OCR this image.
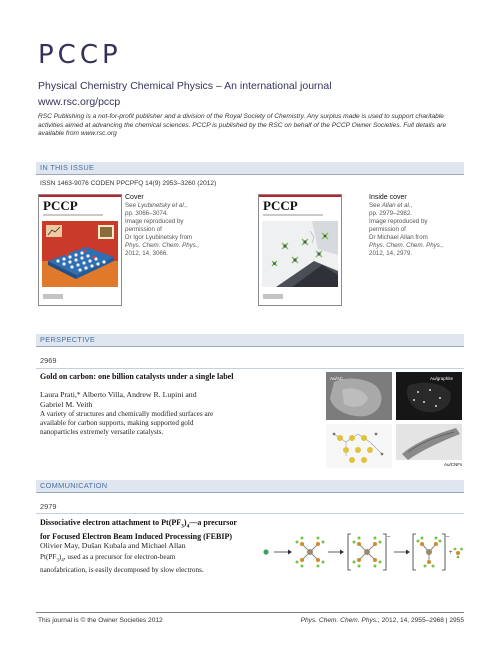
PCCP
Physical Chemistry Chemical Physics – An international journal
www.rsc.org/pccp
RSC Publishing is a not-for-profit publisher and a division of the Royal Society of Chemistry. Any surplus made is used to support charitable activities aimed at advancing the chemical sciences. PCCP is published by the RSC on behalf of the PCCP Owner Societies. Full details are available from www.rsc.org
IN THIS ISSUE
ISSN 1463-9076 CODEN PPCPFQ 14(9) 2953–3260 (2012)
PCCP
Cover
See Lyubinetsky et al.,
pp. 3066–3074.
Image reproduced by
permission of
Dr Igor Lyubinetsky from
Phys. Chem. Chem. Phys.,
2012, 14, 3066.
PCCP
Inside cover
See Allan et al.,
pp. 2979–2982.
Image reproduced by
permission of
Dr Michael Allan from
Phys. Chem. Chem. Phys.,
2012, 14, 2979.
PERSPECTIVE
2969
Gold on carbon: one billion catalysts under a single label
Laura Prati,* Alberto Villa, Andrew R. Lupini and
Gabriel M. Veith
A variety of structures and chemically modified surfaces are
available for carbon supports, making supported gold
nanoparticles extremely versatile catalysts.
Au/AC	Au/graphite
Au/CNFs
COMMUNICATION
2979
Dissociative electron attachment to $Pt(PF_3)_4—a$ precursor
for Focused Electron Beam Induced Processing (FEBIP)
Olivier May, Dušan Kubala and Michael Allan
$Pt(PF_3)_4$, used as a precursor for electron-beam
nanofabrication, is easily decomposed by slow electrons.
–	–
+
This journal is © the Owner Societies 2012	Phys. Chem. Chem. Phys., 2012, 14, 2955–2968 | 2955
